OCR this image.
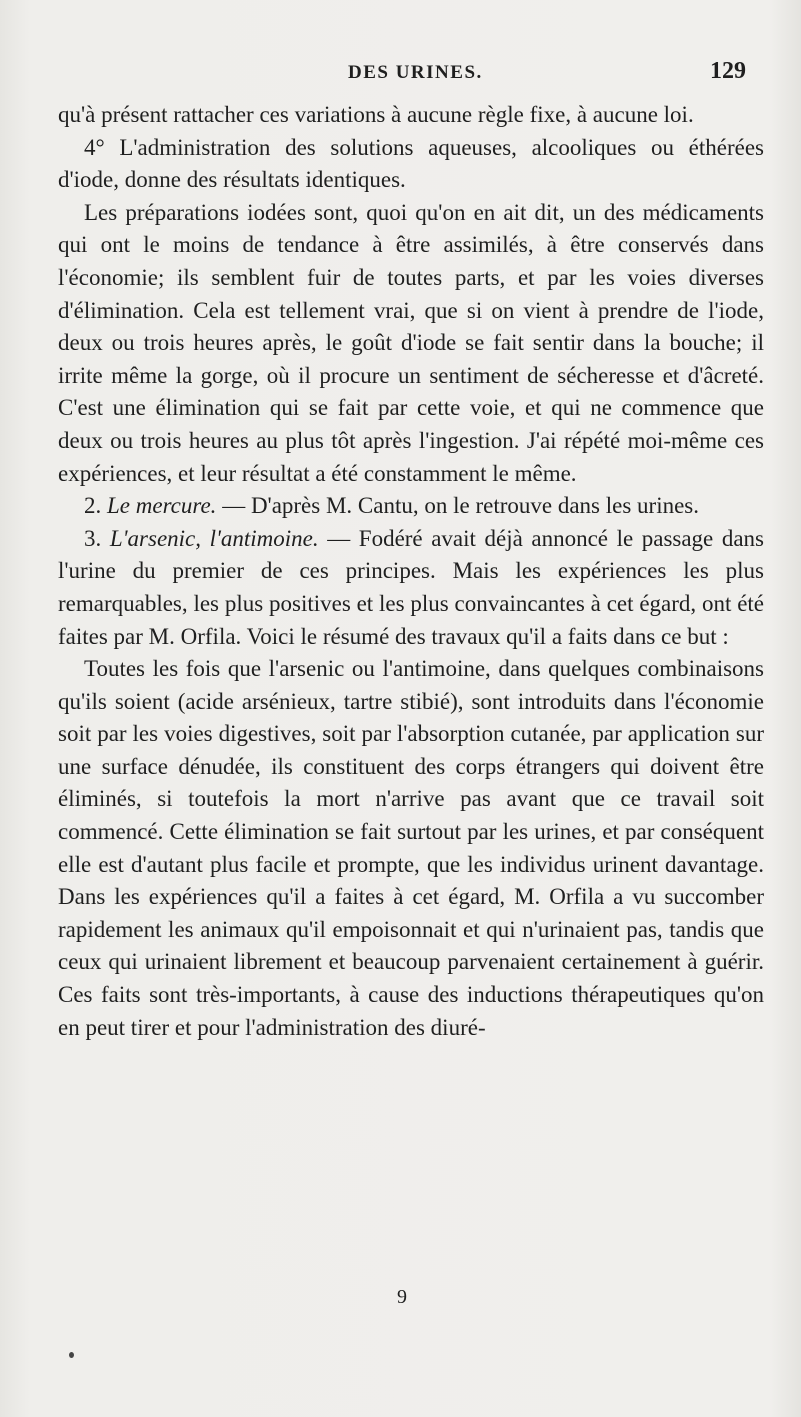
DES URINES.	129

qu'à présent rattacher ces variations à aucune règle fixe, à aucune loi.

4° L'administration des solutions aqueuses, alcooliques ou éthérées d'iode, donne des résultats identiques.

Les préparations iodées sont, quoi qu'on en ait dit, un des médicaments qui ont le moins de tendance à être assimilés, à être conservés dans l'économie; ils semblent fuir de toutes parts, et par les voies diverses d'élimination. Cela est tellement vrai, que si on vient à prendre de l'iode, deux ou trois heures après, le goût d'iode se fait sentir dans la bouche; il irrite même la gorge, où il procure un sentiment de sécheresse et d'âcreté. C'est une élimination qui se fait par cette voie, et qui ne commence que deux ou trois heures au plus tôt après l'ingestion. J'ai répété moi-même ces expériences, et leur résultat a été constamment le même.

2. Le mercure. — D'après M. Cantu, on le retrouve dans les urines.

3. L'arsenic, l'antimoine. — Fodéré avait déjà annoncé le passage dans l'urine du premier de ces principes. Mais les expériences les plus remarquables, les plus positives et les plus convaincantes à cet égard, ont été faites par M. Orfila. Voici le résumé des travaux qu'il a faits dans ce but :

Toutes les fois que l'arsenic ou l'antimoine, dans quelques combinaisons qu'ils soient (acide arsénieux, tartre stibié), sont introduits dans l'économie soit par les voies digestives, soit par l'absorption cutanée, par application sur une surface dénudée, ils constituent des corps étrangers qui doivent être éliminés, si toutefois la mort n'arrive pas avant que ce travail soit commencé. Cette élimination se fait surtout par les urines, et par conséquent elle est d'autant plus facile et prompte, que les individus urinent davantage. Dans les expériences qu'il a faites à cet égard, M. Orfila a vu succomber rapidement les animaux qu'il empoisonnait et qui n'urinaient pas, tandis que ceux qui urinaient librement et beaucoup parvenaient certainement à guérir. Ces faits sont très-importants, à cause des inductions thérapeutiques qu'on en peut tirer et pour l'administration des diuré-

9
